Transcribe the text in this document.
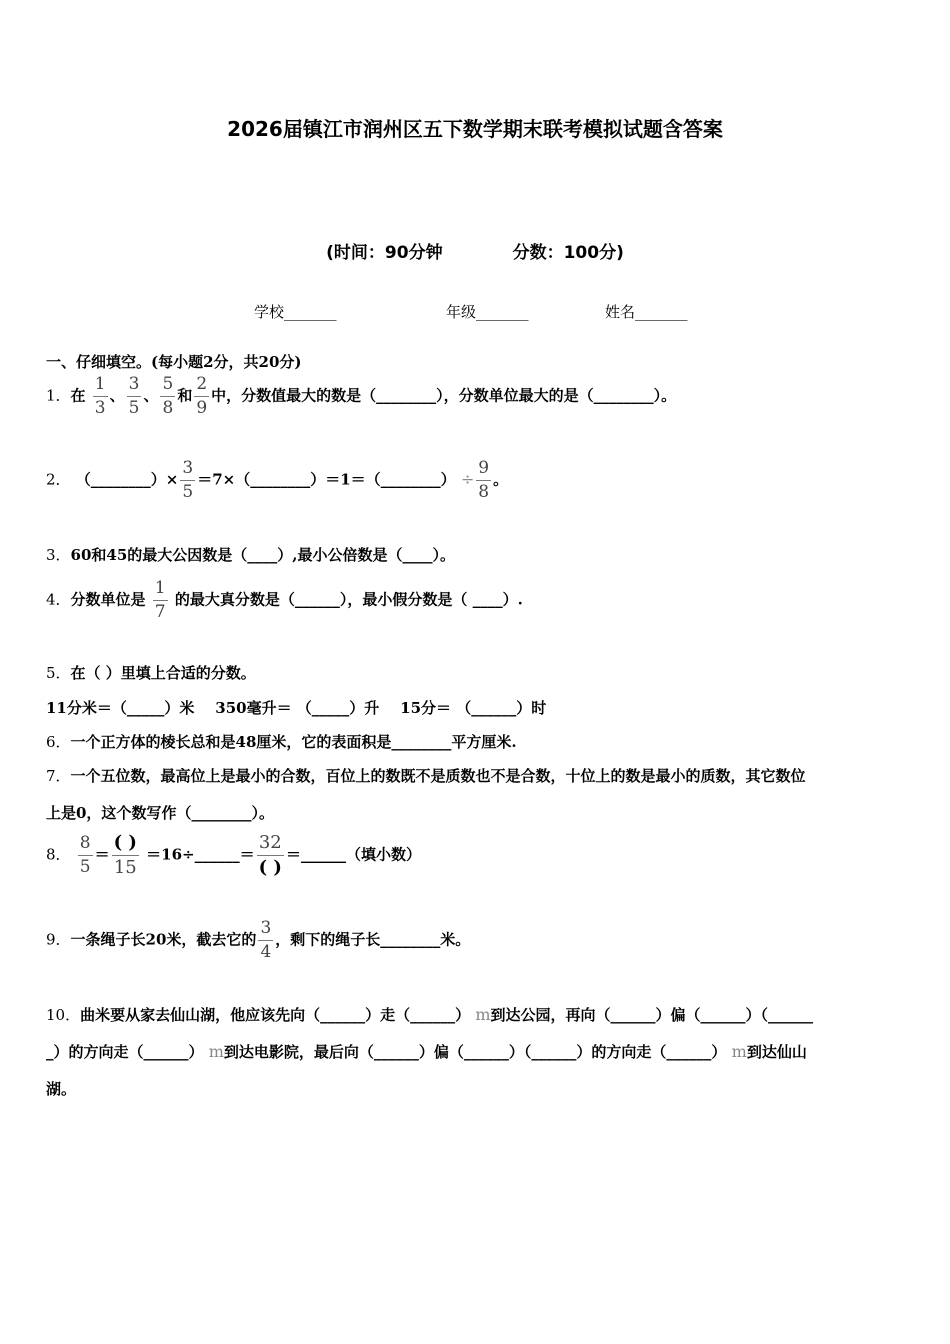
2026届镇江市润州区五下数学期末联考模拟试题含答案
(时间：90分钟	分数：100分)
学校_______	年级_______	姓名_______
一、仔细填空。(每小题2分，共20分)
1．在 $\frac{1}{3}$ 、 $\frac{3}{5}$ 、 $\frac{5}{8}$ 和 $\frac{2}{9}$ 中，分数值最大的数是（________），分数单位最大的是（________）。
2． （________）× $\frac{3}{5}$ ＝7×（________）＝1＝（________） ÷ $\frac{9}{8}$ 。
3．60和45的最大公因数是（____）,最小公倍数是（____）。
4．分数单位是 $\frac{1}{7}$ 的最大真分数是（______），最小假分数是（ ____）.
5．在（ ）里填上合适的分数。
11分米＝（_____）米    350毫升＝ （_____）升    15分＝ （______）时
6．一个正方体的棱长总和是48厘米，它的表面积是________平方厘米.
7．一个五位数，最高位上是最小的合数，百位上的数既不是质数也不是合数，十位上的数是最小的质数，其它数位
上是0，这个数写作（________）。
8． $\frac{8}{5} = \frac{( )}{15}$ ＝16÷______＝ $\frac{32}{( )}$ ＝______（填小数）
9．一条绳子长20米，截去它的 $\frac{3}{4}$ ，剩下的绳子长________米。
10．曲米要从家去仙山湖，他应该先向（______）走（______） m到达公园，再向（______）偏（______）（______
_）的方向走（______） m到达电影院，最后向（______）偏（______）（______）的方向走（______） m到达仙山
湖。
